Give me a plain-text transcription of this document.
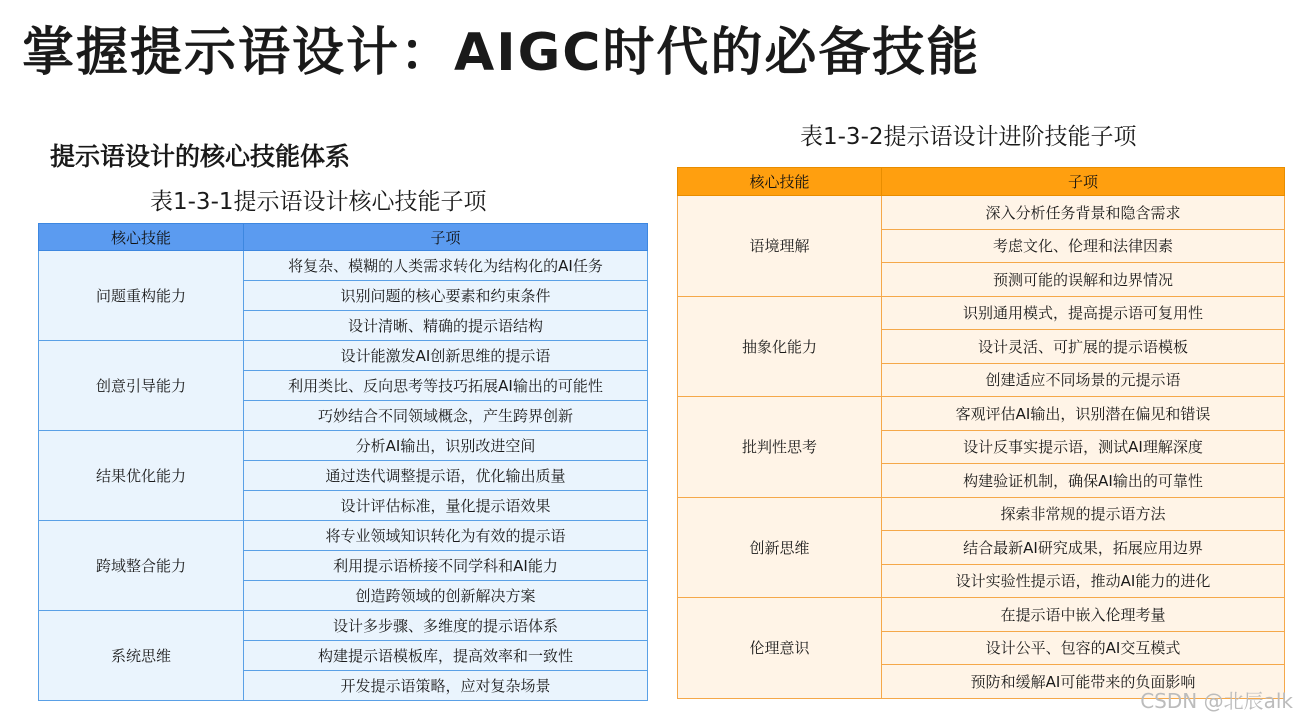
掌握提示语设计：AIGC时代的必备技能
提示语设计的核心技能体系
表1-3-1提示语设计核心技能子项
核心技能	子项
问题重构能力	将复杂、模糊的人类需求转化为结构化的AI任务
	识别问题的核心要素和约束条件
	设计清晰、精确的提示语结构
创意引导能力	设计能激发AI创新思维的提示语
	利用类比、反向思考等技巧拓展AI输出的可能性
	巧妙结合不同领域概念，产生跨界创新
结果优化能力	分析AI输出，识别改进空间
	通过迭代调整提示语，优化输出质量
	设计评估标准，量化提示语效果
跨域整合能力	将专业领域知识转化为有效的提示语
	利用提示语桥接不同学科和AI能力
	创造跨领域的创新解决方案
系统思维	设计多步骤、多维度的提示语体系
	构建提示语模板库，提高效率和一致性
	开发提示语策略，应对复杂场景
表1-3-2提示语设计进阶技能子项
核心技能	子项
语境理解	深入分析任务背景和隐含需求
	考虑文化、伦理和法律因素
	预测可能的误解和边界情况
抽象化能力	识别通用模式，提高提示语可复用性
	设计灵活、可扩展的提示语模板
	创建适应不同场景的元提示语
批判性思考	客观评估AI输出，识别潜在偏见和错误
	设计反事实提示语，测试AI理解深度
	构建验证机制，确保AI输出的可靠性
创新思维	探索非常规的提示语方法
	结合最新AI研究成果，拓展应用边界
	设计实验性提示语，推动AI能力的进化
伦理意识	在提示语中嵌入伦理考量
	设计公平、包容的AI交互模式
	预防和缓解AI可能带来的负面影响
CSDN @北辰alk
